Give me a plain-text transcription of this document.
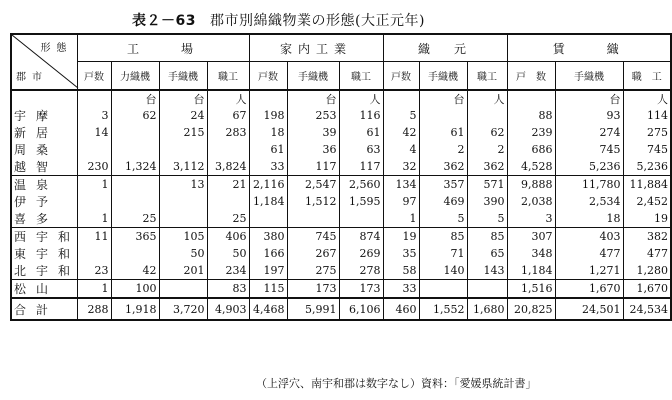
表２－63 郡市別綿織物業の形態(大正元年)
形態
郡市	工　　場				家内工業			織　元			賃　　織		
	戸数	力織機	手織機	職工	戸数	手織機	職工	戸数	手織機	職工	戸　数	手織機	職　工
		台	台	人		台	人		台	人		台	人
宇摩	3	62	24	67	198	253	116	5			88	93	114
新居	14		215	283	18	39	61	42	61	62	239	274	275
周桑					61	36	63	4	2	2	686	745	745
越智	230	1,324	3,112	3,824	33	117	117	32	362	362	4,528	5,236	5,236
温泉	1		13	21	2,116	2,547	2,560	134	357	571	9,888	11,780	11,884
伊予					1,184	1,512	1,595	97	469	390	2,038	2,534	2,452
喜多	1	25		25				1	5	5	3	18	19
西宇和	11	365	105	406	380	745	874	19	85	85	307	403	382
東宇和			50	50	166	267	269	35	71	65	348	477	477
北宇和	23	42	201	234	197	275	278	58	140	143	1,184	1,271	1,280
松山	1	100		83	115	173	173	33			1,516	1,670	1,670
合計	288	1,918	3,720	4,903	4,468	5,991	6,106	460	1,552	1,680	20,825	24,501	24,534
（上浮穴、南宇和郡は数字なし）資料：「愛媛県統計書」
